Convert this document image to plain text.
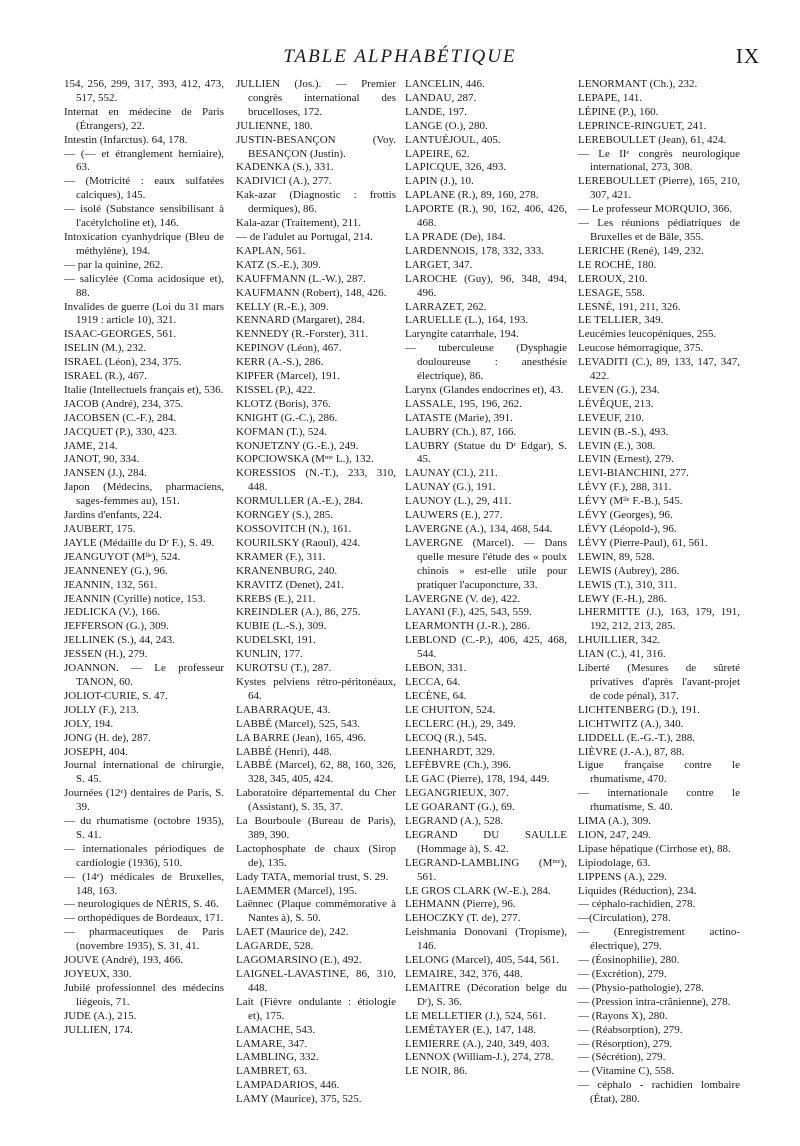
TABLE ALPHABÉTIQUE	IX

154, 256, 299, 317, 393, 412, 473, 517, 552.

Internat en médecine de Paris (Étrangers), 22.

Intestin (Infarctus). 64, 178.

— (— et étranglement herniaire), 63.

— (Motricité : eaux sulfatées calciques), 145.

— isolé (Substance sensibilisant à l'acétylcholine et), 146.

Intoxication cyanhydrique (Bleu de méthylène), 194.

— par la quinine, 262.

— salicylée (Coma acidosique et), 88.

Invalides de guerre (Loi du 31 mars 1919 : article 10), 321.

ISAAC-GEORGES, 561.

ISELIN (M.), 232.

ISRAEL (Léon), 234, 375.

ISRAEL (R.), 467.

Italie (Intellectuels français et), 536.

JACOB (André), 234, 375.

JACOBSEN (C.-F.), 284.

JACQUET (P.), 330, 423.

JAME, 214.

JANOT, 90, 334.

JANSEN (J.), 284.

Japon (Médecins, pharmaciens, sages-femmes au), 151.

Jardins d'enfants, 224.

JAUBERT, 175.

JAYLE (Médaille du Dʳ F.), S. 49.

JEANGUYOT (Mˡˡᵉ), 524.

JEANNENEY (G.), 96.

JEANNIN, 132, 561.

JEANNIN (Cyrille) notice, 153.

JEDLICKA (V.), 166.

JEFFERSON (G.), 309.

JELLINEK (S.), 44, 243.

JESSEN (H.), 279.

JOANNON. — Le professeur TANON, 60.

JOLIOT-CURIE, S. 47.

JOLLY (F.), 213.

JOLY, 194.

JONG (H. de), 287.

JOSEPH, 404.

Journal international de chirurgie, S. 45.

Journées (12ᵉ) dentaires de Paris, S. 39.

— du rhumatisme (octobre 1935), S. 41.

— internationales périodiques de cardiologie (1936), 510.

— (14ᵉ) médicales de Bruxelles, 148, 163.

— neurologiques de NÉRIS, S. 46.

— orthopédiques de Bordeaux, 171.

— pharmaceutiques de Paris (novembre 1935), S. 31, 41.

JOUVE (André), 193, 466.

JOYEUX, 330.

Jubilé professionnel des médecins liégeois, 71.

JUDE (A.), 215.

JULLIEN, 174.

JULLIEN (Jos.). — Premier congrès international des brucelloses, 172.

JULIENNE, 180.

JUSTIN-BESANÇON (Voy. BESANÇON (Justin).

KADENKA (S.), 331.

KADIVICI (A.), 277.

Kak-azar (Diagnostic : frottis dermiques), 86.

Kala-azar (Traitement), 211.

— de l'adulet au Portugal, 214.

KAPLAN, 561.

KATZ (S.-E.), 309.

KAUFFMANN (L.-W.), 287.

KAUFMANN (Robert), 148, 426.

KELLY (R.-E.), 309.

KENNARD (Margaret), 284.

KENNEDY (R.-Forster), 311.

KEPINOV (Léon), 467.

KERR (A.-S.), 286.

KIPFER (Marcel), 191.

KISSEL (P.), 422.

KLOTZ (Boris), 376.

KNIGHT (G.-C.), 286.

KOFMAN (T.), 524.

KONJETZNY (G.-E.), 249.

KOPCIOWSKA (Mᵐᵉ L.), 132.

KORESSIOS (N.-T.), 233, 310, 448.

KORMULLER (A.-E.), 284.

KORNGEY (S.), 285.

KOSSOVITCH (N.), 161.

KOURILSKY (Raoul), 424.

KRAMER (F.), 311.

KRANENBURG, 240.

KRAVITZ (Denet), 241.

KREBS (E.), 211.

KREINDLER (A.), 86, 275.

KUBIE (L.-S.), 309.

KUDELSKI, 191.

KUNLIN, 177.

KUROTSU (T.), 287.

Kystes pelviens rétro-péritonéaux, 64.

LABARRAQUE, 43.

LABBÉ (Marcel), 525, 543.

LA BARRE (Jean), 165, 496.

LABBÉ (Henri), 448.

LABBÉ (Marcel), 62, 88, 160, 326, 328, 345, 405, 424.

Laboratoire départemental du Cher (Assistant), S. 35, 37.

La Bourboule (Bureau de Paris), 389, 390.

Lactophosphate de chaux (Sirop de), 135.

Lady TATA, memorial trust, S. 29.

LAEMMER (Marcel), 195.

Laënnec (Plaque commémorative à Nantes à), S. 50.

LAET (Maurice de), 242.

LAGARDE, 528.

LAGOMARSINO (E.), 492.

LAIGNEL-LAVASTINE, 86, 310, 448.

Lait (Fièvre ondulante : étiologie et), 175.

LAMACHE, 543.

LAMARE, 347.

LAMBLING, 332.

LAMBRET, 63.

LAMPADARIOS, 446.

LAMY (Maurice), 375, 525.

LANCELIN, 446.

LANDAU, 287.

LANDE, 197.

LANGE (O.), 280.

LANTUÉJOUL, 405.

LAPEIRE, 62.

LAPICQUE, 326, 493.

LAPIN (J.), 10.

LAPLANE (R.), 89, 160, 278.

LAPORTE (R.), 90, 162, 406, 426, 468.

LA PRADE (De), 184.

LARDENNOIS, 178, 332, 333.

LARGET, 347.

LAROCHE (Guy), 96, 348, 494, 496.

LARRAZET, 262.

LARUELLE (L.), 164, 193.

Laryngite catarrhale, 194.

— tuberculeuse (Dysphagie douloureuse : anesthésie électrique), 86.

Larynx (Glandes endocrines et), 43.

LASSALE, 195, 196, 262.

LATASTE (Marie), 391.

LAUBRY (Ch.), 87, 166.

LAUBRY (Statue du Dʳ Edgar), S. 45.

LAUNAY (Cl.), 211.

LAUNAY (G.), 191.

LAUNOY (L.), 29, 411.

LAUWERS (E.), 277.

LAVERGNE (A.), 134, 468, 544.

LAVERGNE (Marcel). — Dans quelle mesure l'étude des « poulx chinois » est-elle utile pour pratiquer l'acuponcture, 33.

LAVERGNE (V. de), 422.

LAYANI (F.), 425, 543, 559.

LEARMONTH (J.-R.), 286.

LEBLOND (C.-P.), 406, 425, 468, 544.

LEBON, 331.

LECCA, 64.

LECÈNE, 64.

LE CHUITON, 524.

LECLERC (H.), 29, 349.

LECOQ (R.), 545.

LEENHARDT, 329.

LEFÈBVRE (Ch.), 396.

LE GAC (Pierre), 178, 194, 449.

LEGANGRIEUX, 307.

LE GOARANT (G.), 69.

LEGRAND (A.), 528.

LEGRAND DU SAULLE (Hommage à), S. 42.

LEGRAND-LAMBLING (Mᵐᵉ), 561.

LE GROS CLARK (W.-E.), 284.

LEHMANN (Pierre), 96.

LEHOCZKY (T. de), 277.

Leishmania Donovani (Tropisme), 146.

LELONG (Marcel), 405, 544, 561.

LEMAIRE, 342, 376, 448.

LEMAITRE (Décoration belge du Dʳ), S. 36.

LE MELLETIER (J.), 524, 561.

LEMÉTAYER (E.), 147, 148.

LEMIERRE (A.), 240, 349, 403.

LENNOX (William-J.), 274, 278.

LE NOIR, 86.

LENORMANT (Ch.), 232.

LEPAPE, 141.

LÉPINE (P.), 160.

LEPRINCE-RINGUET, 241.

LEREBOULLET (Jean), 61, 424.

— Le IIᵉ congrès neurologique international, 273, 308.

LEREBOULLET (Pierre), 165, 210, 307, 421.

— Le professeur MORQUIO, 366.

— Les réunions pédiatriques de Bruxelles et de Bâle, 355.

LERICHE (René), 149, 232.

LE ROCHÉ, 180.

LEROUX, 210.

LESAGE, 558.

LESNÉ, 191, 211, 326.

LE TELLIER, 349.

Leucémies leucopéniques, 255.

Leucose hémorragique, 375.

LEVADITI (C.), 89, 133, 147, 347, 422.

LEVEN (G.), 234.

LÉVÊQUE, 213.

LEVEUF, 210.

LEVIN (B.-S.), 493.

LEVIN (E.), 308.

LEVIN (Ernest), 279.

LEVI-BIANCHINI, 277.

LÉVY (F.), 288, 311.

LÉVY (Mˡˡᵉ F.-B.), 545.

LÉVY (Georges), 96.

LÉVY (Léopold-), 96.

LÉVY (Pierre-Paul), 61, 561.

LEWIN, 89, 528.

LEWIS (Aubrey), 286.

LEWIS (T.), 310, 311.

LEWY (F.-H.), 286.

LHERMITTE (J.), 163, 179, 191, 192, 212, 213, 285.

LHUILLIER, 342.

LIAN (C.), 41, 316.

Liberté (Mesures de sûreté privatives d'après l'avant-projet de code pénal), 317.

LICHTENBERG (D.), 191.

LICHTWITZ (A.), 340.

LIDDELL (E.-G.-T.), 288.

LIÈVRE (J.-A.), 87, 88.

Ligue française contre le rhumatisme, 470.

— internationale contre le rhumatisme, S. 40.

LIMA (A.), 309.

LION, 247, 249.

Lipase hépatique (Cirrhose et), 88.

Lipiodolage, 63.

LIPPENS (A.), 229.

Liquides (Réduction), 234.

— céphalo-rachidien, 278.

—(Circulation), 278.

— (Enregistrement actino-électrique), 279.

— (Éosinophilie), 280.

— (Excrétion), 279.

— (Physio-pathologie), 278.

— (Pression intra-crânienne), 278.

— (Rayons X), 280.

— (Réabsorption), 279.

— (Résorption), 279.

— (Sécrétion), 279.

— (Vitamine C), 558.

— céphalo - rachidien lombaire (État), 280.
